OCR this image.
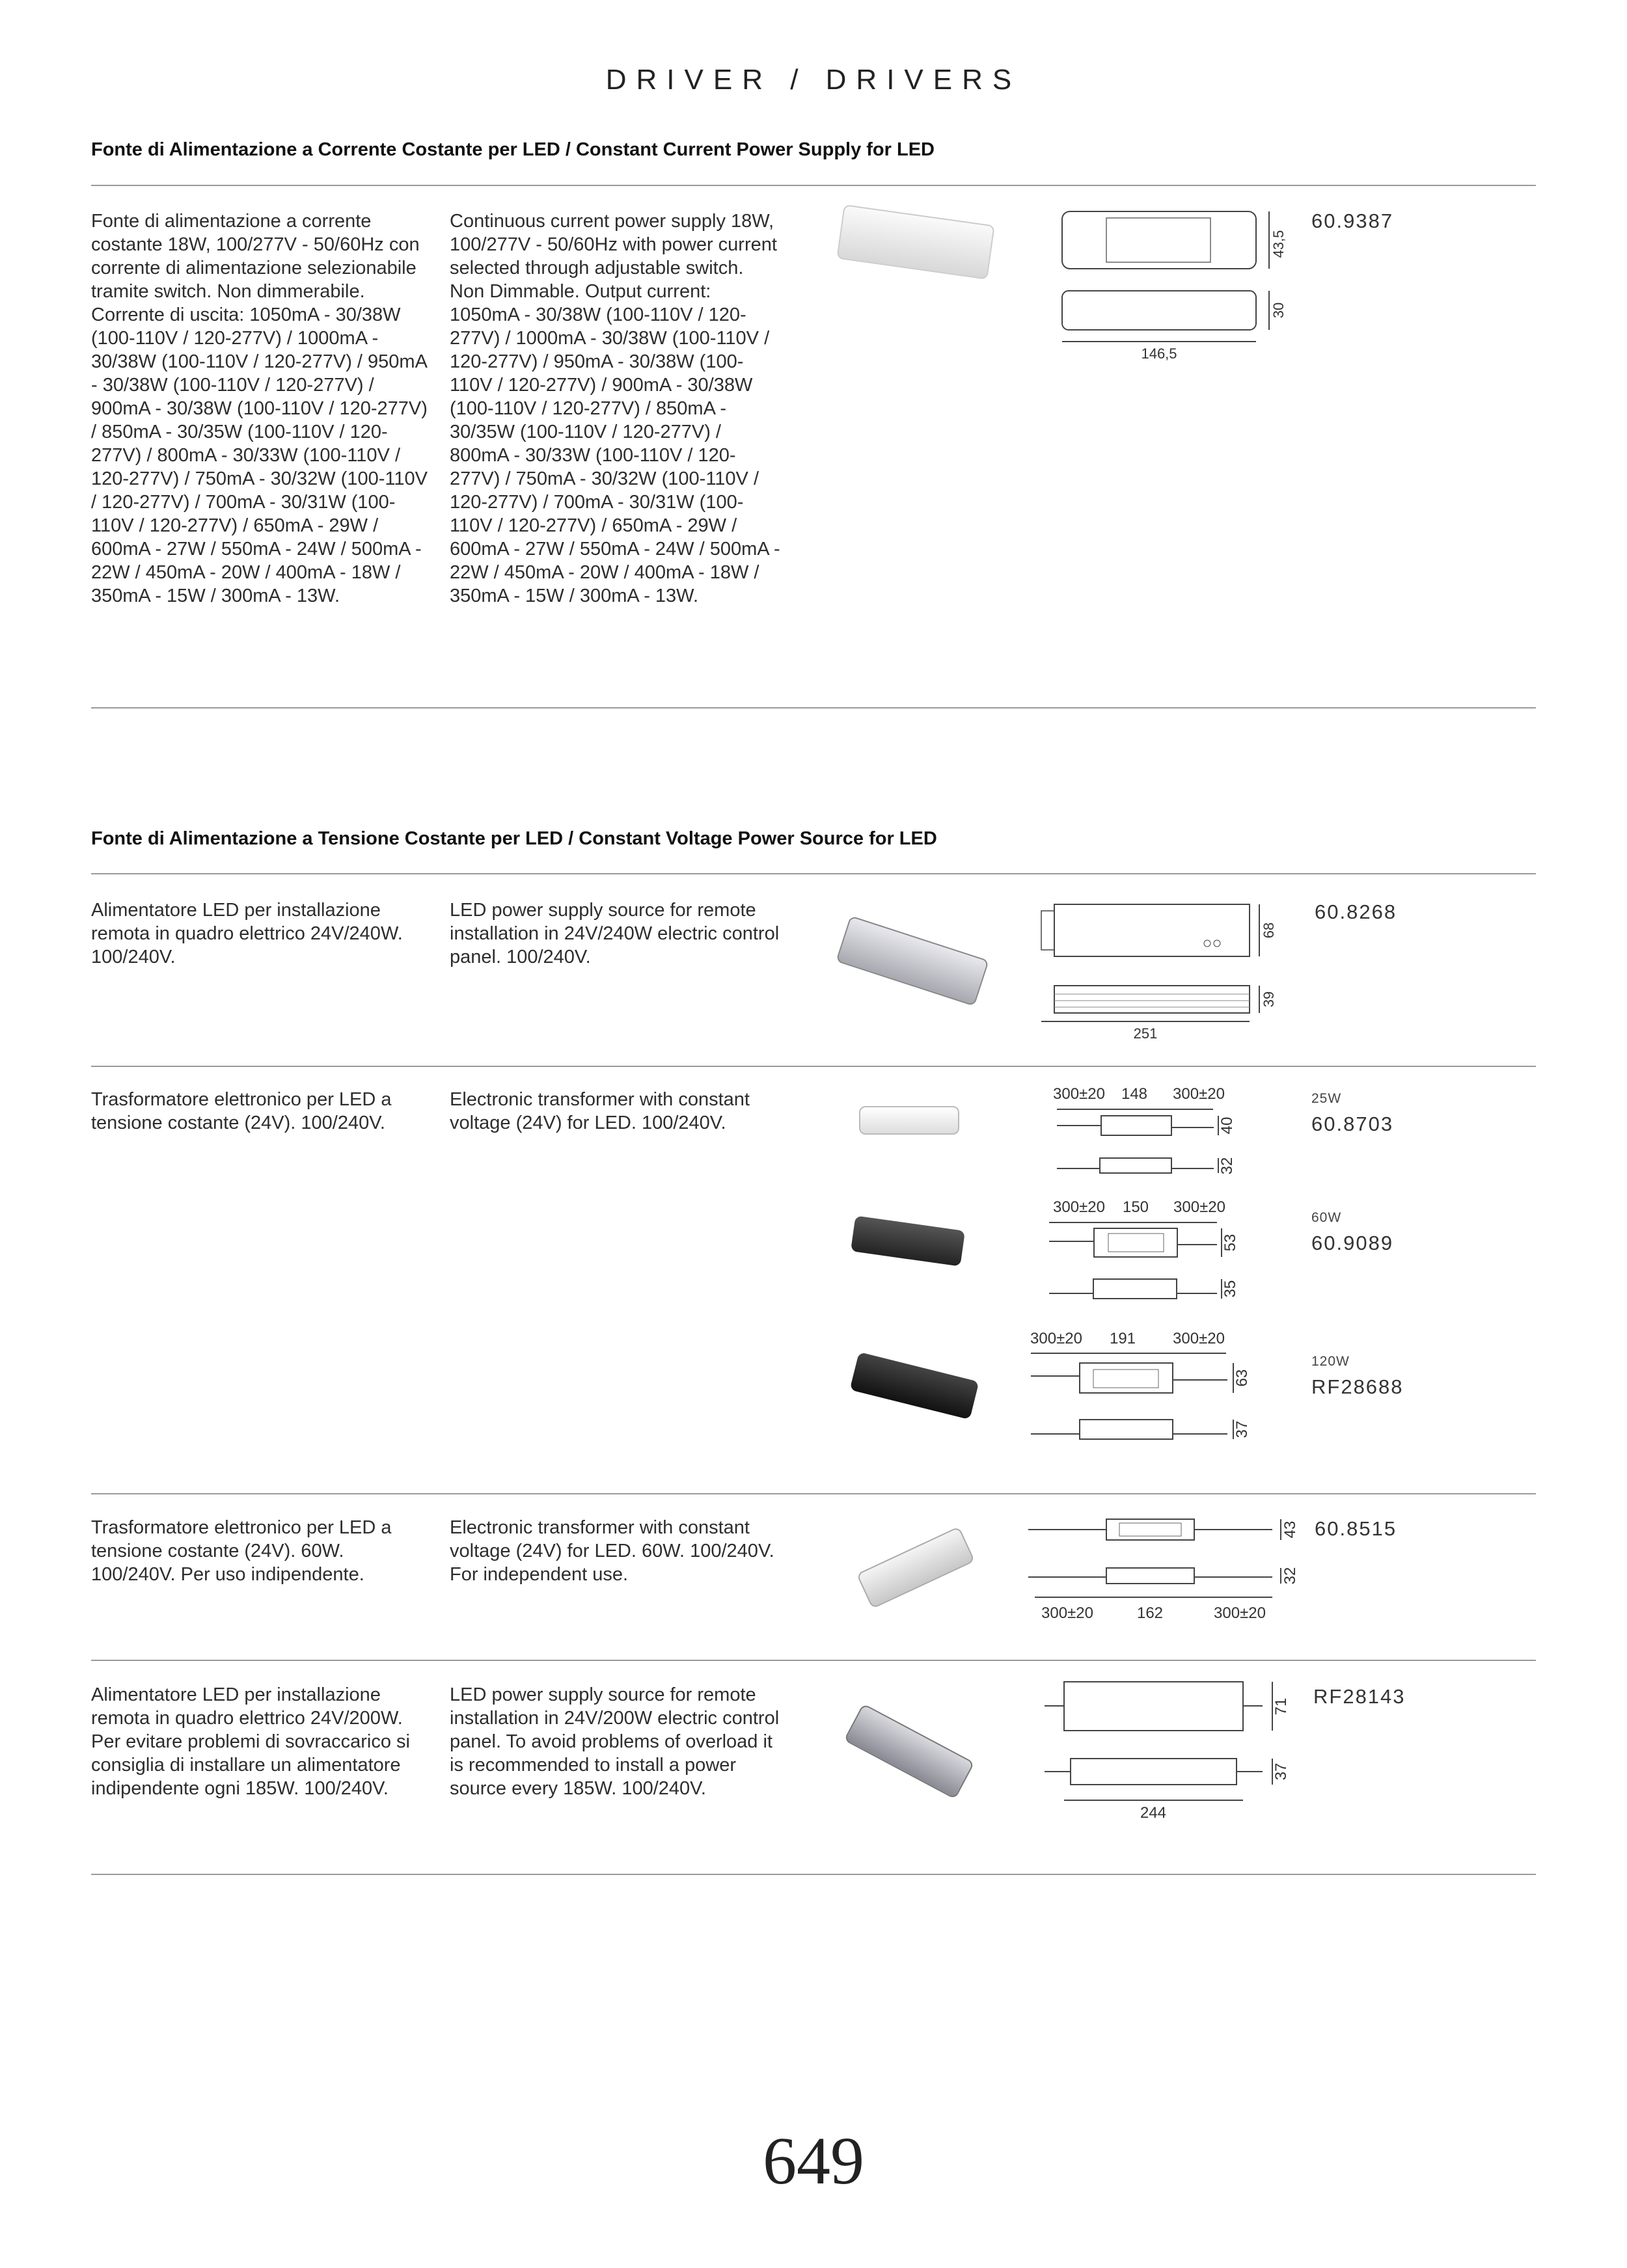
DRIVER / DRIVERS
Fonte di Alimentazione a Corrente Costante per LED / Constant Current Power Supply for LED
Fonte di alimentazione a corrente costante 18W, 100/277V - 50/60Hz con corrente di alimentazione selezionabile tramite switch. Non dimmerabile.
Corrente di uscita: 1050mA - 30/38W (100-110V / 120-277V) / 1000mA - 30/38W (100-110V / 120-277V) / 950mA - 30/38W (100-110V / 120-277V) / 900mA - 30/38W (100-110V / 120-277V) / 850mA - 30/35W (100-110V / 120-277V) / 800mA - 30/33W (100-110V / 120-277V) / 750mA - 30/32W (100-110V / 120-277V) / 700mA - 30/31W (100-110V / 120-277V) / 650mA - 29W / 600mA - 27W / 550mA - 24W / 500mA - 22W / 450mA - 20W / 400mA - 18W / 350mA - 15W / 300mA - 13W.
Continuous current power supply 18W, 100/277V - 50/60Hz with power current selected through adjustable switch. Non Dimmable. Output current: 1050mA - 30/38W (100-110V / 120-277V) / 1000mA - 30/38W (100-110V / 120-277V) / 950mA - 30/38W (100-110V / 120-277V) / 900mA - 30/38W (100-110V / 120-277V) / 850mA - 30/35W (100-110V / 120-277V) / 800mA - 30/33W (100-110V / 120-277V) / 750mA - 30/32W (100-110V / 120-277V) / 700mA - 30/31W (100-110V / 120-277V) / 650mA - 29W / 600mA - 27W / 550mA - 24W / 500mA - 22W / 450mA - 20W / 400mA - 18W / 350mA - 15W / 300mA - 13W.
43,5
30
146,5
60.9387
Fonte di Alimentazione a Tensione Costante per LED / Constant Voltage Power Source for LED
Alimentatore LED per installazione remota in quadro elettrico 24V/240W. 100/240V.
LED power supply source for remote installation in 24V/240W electric control panel. 100/240V.
68
39
251
60.8268
Trasformatore elettronico per LED a tensione costante (24V). 100/240V.
Electronic transformer with constant voltage (24V) for LED. 100/240V.
300±20 148 300±20
40
32
25W
60.8703
300±20 150 300±20
53
35
60W
60.9089
300±20 191 300±20
63
37
120W
RF28688
Trasformatore elettronico per LED a tensione costante (24V). 60W. 100/240V. Per uso indipendente.
Electronic transformer with constant voltage (24V) for LED. 60W. 100/240V. For independent use.
43
32
300±20	162	300±20
60.8515
Alimentatore LED per installazione remota in quadro elettrico 24V/200W. Per evitare problemi di sovraccarico si consiglia di installare un alimentatore indipendente ogni 185W. 100/240V.
LED power supply source for remote installation in 24V/200W electric control panel. To avoid problems of overload it is recommended to install a power source every 185W. 100/240V.
71
37
244
RF28143
649
